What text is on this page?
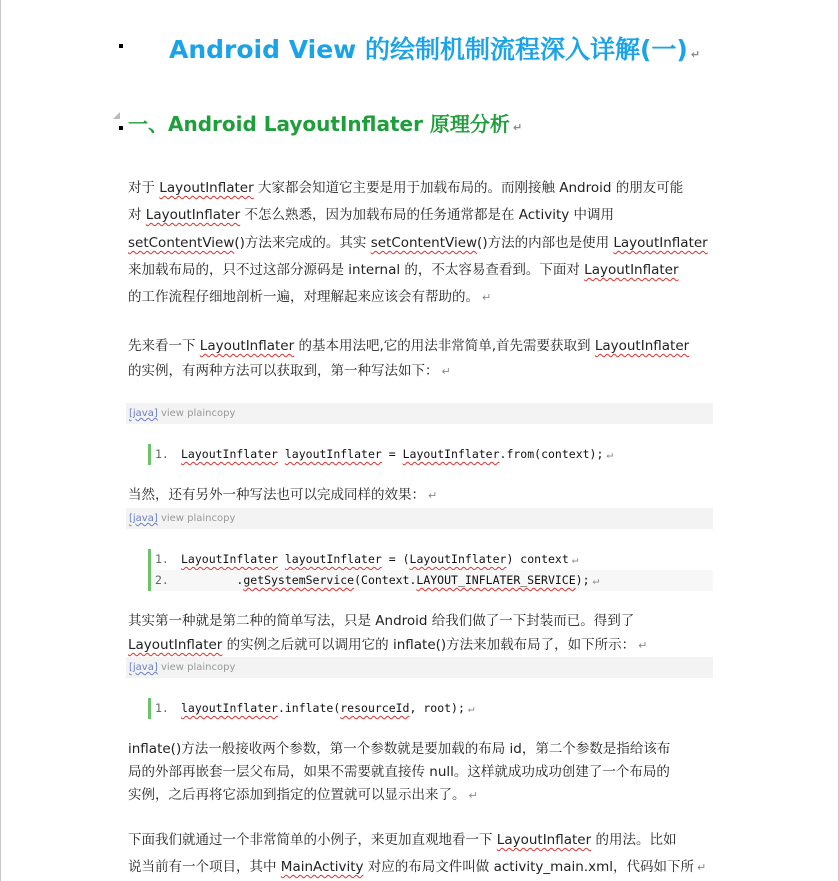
Android View 的绘制机制流程深入详解(一) ↵
一、Android LayoutInflater 原理分析 ↵
对于 LayoutInflater 大家都会知道它主要是用于加载布局的。而刚接触 Android 的朋友可能
对 LayoutInflater 不怎么熟悉，因为加载布局的任务通常都是在 Activity 中调用
setContentView()方法来完成的。其实 setContentView()方法的内部也是使用 LayoutInflater
来加载布局的，只不过这部分源码是 internal 的，不太容易查看到。下面对 LayoutInflater
的工作流程仔细地剖析一遍，对理解起来应该会有帮助的。 ↵
先来看一下 LayoutInflater 的基本用法吧,它的用法非常简单,首先需要获取到 LayoutInflater
的实例，有两种方法可以获取到，第一种写法如下： ↵
[java] view plaincopy
1. LayoutInflater layoutInflater = LayoutInflater.from(context); ↵
当然，还有另外一种写法也可以完成同样的效果： ↵
[java] view plaincopy
1. LayoutInflater layoutInflater = (LayoutInflater) context ↵
2.        .getSystemService(Context.LAYOUT_INFLATER_SERVICE); ↵
其实第一种就是第二种的简单写法，只是 Android 给我们做了一下封装而已。得到了
LayoutInflater 的实例之后就可以调用它的 inflate()方法来加载布局了，如下所示： ↵
[java] view plaincopy
1. layoutInflater.inflate(resourceId, root); ↵
inflate()方法一般接收两个参数，第一个参数就是要加载的布局 id，第二个参数是指给该布
局的外部再嵌套一层父布局，如果不需要就直接传 null。这样就成功成功创建了一个布局的
实例，之后再将它添加到指定的位置就可以显示出来了。 ↵
下面我们就通过一个非常简单的小例子，来更加直观地看一下 LayoutInflater 的用法。比如
说当前有一个项目，其中 MainActivity 对应的布局文件叫做 activity_main.xml，代码如下所 ↵
